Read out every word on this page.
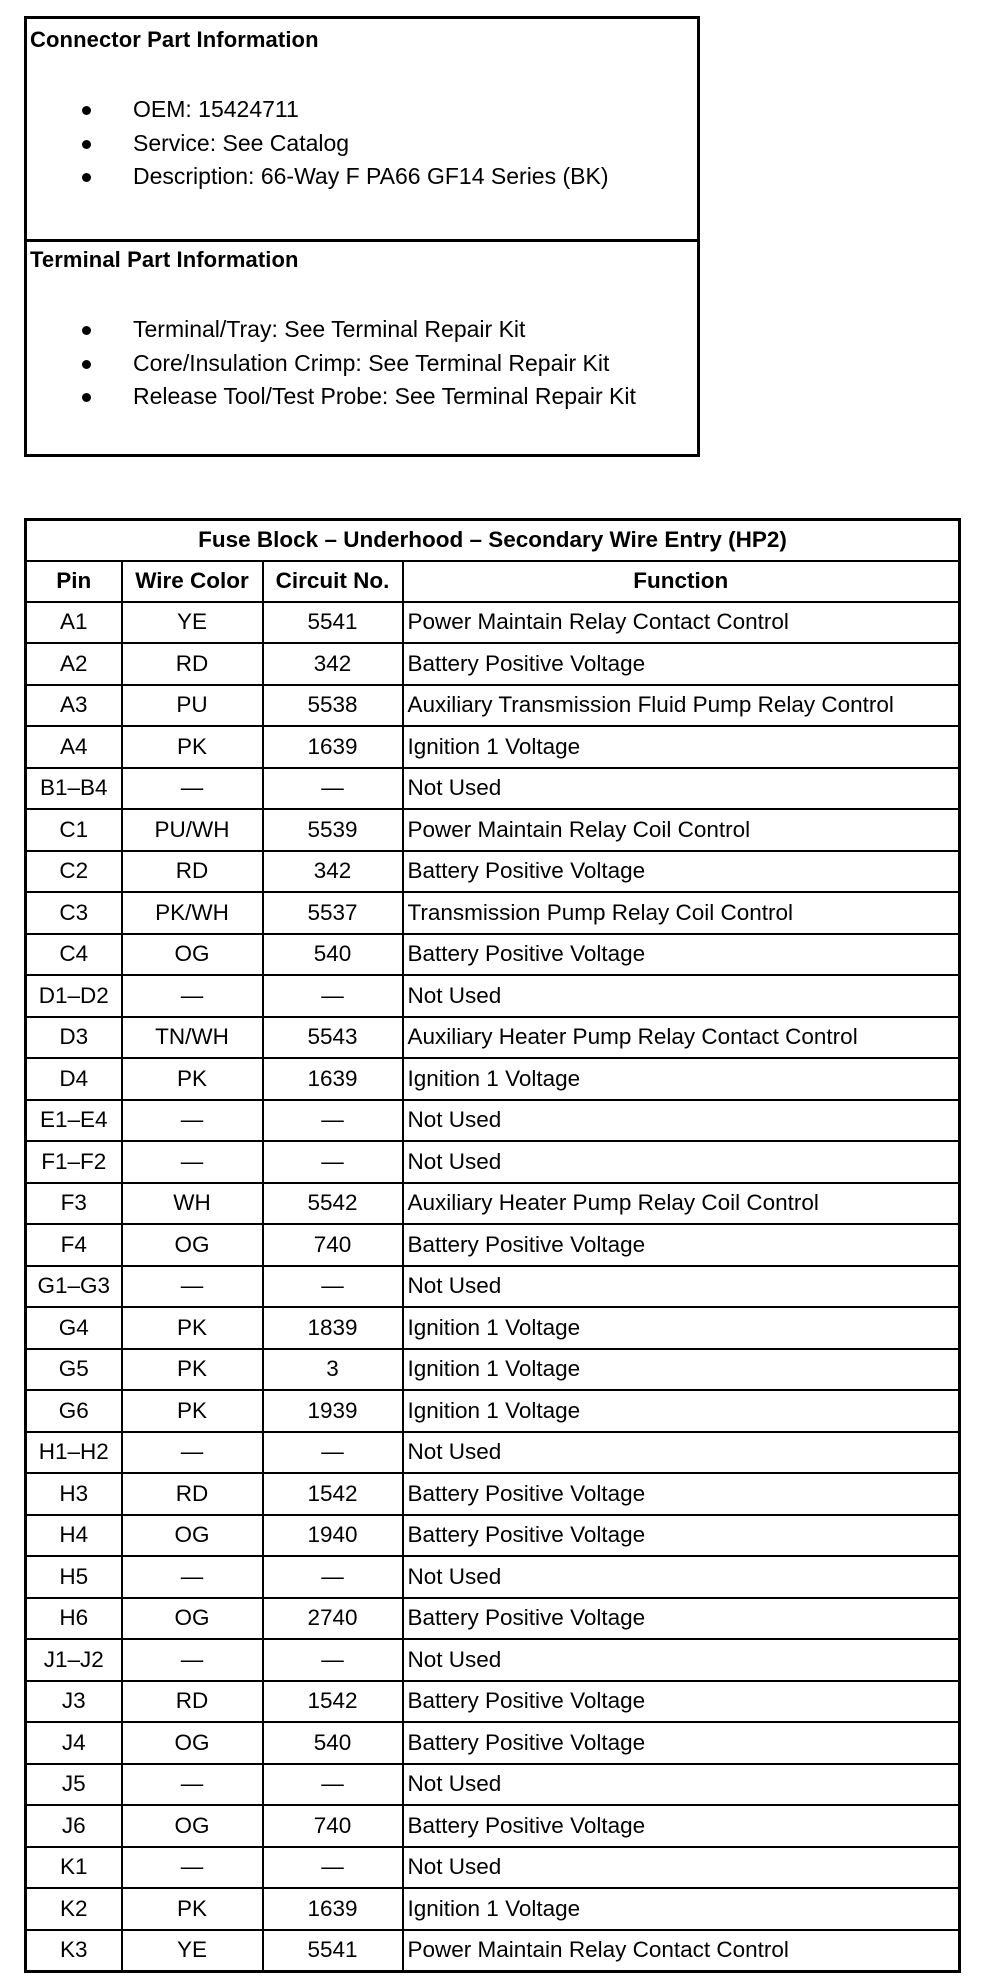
Connector Part Information
OEM: 15424711
Service: See Catalog
Description: 66-Way F PA66 GF14 Series (BK)
Terminal Part Information
Terminal/Tray: See Terminal Repair Kit
Core/Insulation Crimp: See Terminal Repair Kit
Release Tool/Test Probe: See Terminal Repair Kit
Fuse Block – Underhood – Secondary Wire Entry (HP2)			
Pin	Wire Color	Circuit No.	Function
A1	YE	5541	Power Maintain Relay Contact Control
A2	RD	342	Battery Positive Voltage
A3	PU	5538	Auxiliary Transmission Fluid Pump Relay Control
A4	PK	1639	Ignition 1 Voltage
B1–B4	—	—	Not Used
C1	PU/WH	5539	Power Maintain Relay Coil Control
C2	RD	342	Battery Positive Voltage
C3	PK/WH	5537	Transmission Pump Relay Coil Control
C4	OG	540	Battery Positive Voltage
D1–D2	—	—	Not Used
D3	TN/WH	5543	Auxiliary Heater Pump Relay Contact Control
D4	PK	1639	Ignition 1 Voltage
E1–E4	—	—	Not Used
F1–F2	—	—	Not Used
F3	WH	5542	Auxiliary Heater Pump Relay Coil Control
F4	OG	740	Battery Positive Voltage
G1–G3	—	—	Not Used
G4	PK	1839	Ignition 1 Voltage
G5	PK	3	Ignition 1 Voltage
G6	PK	1939	Ignition 1 Voltage
H1–H2	—	—	Not Used
H3	RD	1542	Battery Positive Voltage
H4	OG	1940	Battery Positive Voltage
H5	—	—	Not Used
H6	OG	2740	Battery Positive Voltage
J1–J2	—	—	Not Used
J3	RD	1542	Battery Positive Voltage
J4	OG	540	Battery Positive Voltage
J5	—	—	Not Used
J6	OG	740	Battery Positive Voltage
K1	—	—	Not Used
K2	PK	1639	Ignition 1 Voltage
K3	YE	5541	Power Maintain Relay Contact Control
